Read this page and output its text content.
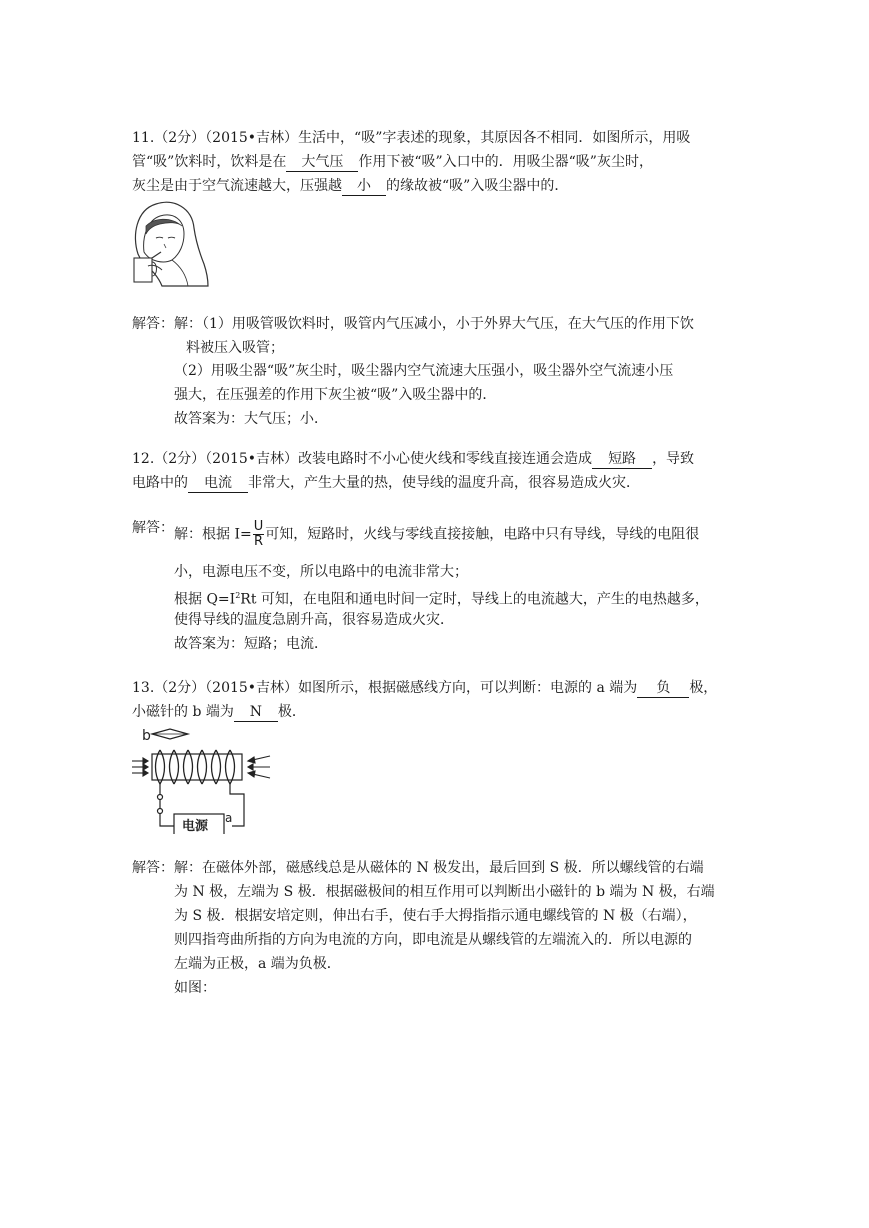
11.（2分）（2015•吉林）生活中，“吸”字表述的现象，其原因各不相同．如图所示，用吸
管“吸”饮料时，饮料是在 大气压 作用下被“吸”入口中的．用吸尘器“吸”灰尘时，
灰尘是由于空气流速越大，压强越 小 的缘故被“吸”入吸尘器中的．
解答： 解：（1）用吸管吸饮料时，吸管内气压减小，小于外界大气压，在大气压的作用下饮
料被压入吸管；
（2）用吸尘器“吸”灰尘时，吸尘器内空气流速大压强小，吸尘器外空气流速小压
强大，在压强差的作用下灰尘被“吸”入吸尘器中的．
故答案为：大气压；小．
12.（2分）（2015•吉林）改装电路时不小心使火线和零线直接连通会造成 短路 ，导致
电路中的 电流 非常大，产生大量的热，使导线的温度升高，很容易造成火灾．
解答： 解：根据 $I= \frac{U}{R}$ 可知，短路时，火线与零线直接接触，电路中只有导线，导线的电阻很
小，电源电压不变，所以电路中的电流非常大；
根据 $Q=I^2Rt$ 可知，在电阻和通电时间一定时，导线上的电流越大，产生的电热越多，
使得导线的温度急剧升高，很容易造成火灾．
故答案为：短路；电流．
13.（2分）（2015•吉林）如图所示，根据磁感线方向，可以判断：电源的 a 端为 负 极，
小磁针的 b 端为 N 极．
b
电源
a
解答： 解：在磁体外部，磁感线总是从磁体的 N 极发出，最后回到 S 极．所以螺线管的右端
为 N 极，左端为 S 极．根据磁极间的相互作用可以判断出小磁针的 b 端为 N 极，右端
为 S 极．根据安培定则，伸出右手，使右手大拇指指示通电螺线管的 N 极（右端），
则四指弯曲所指的方向为电流的方向，即电流是从螺线管的左端流入的．所以电源的
左端为正极，a 端为负极．
如图：
